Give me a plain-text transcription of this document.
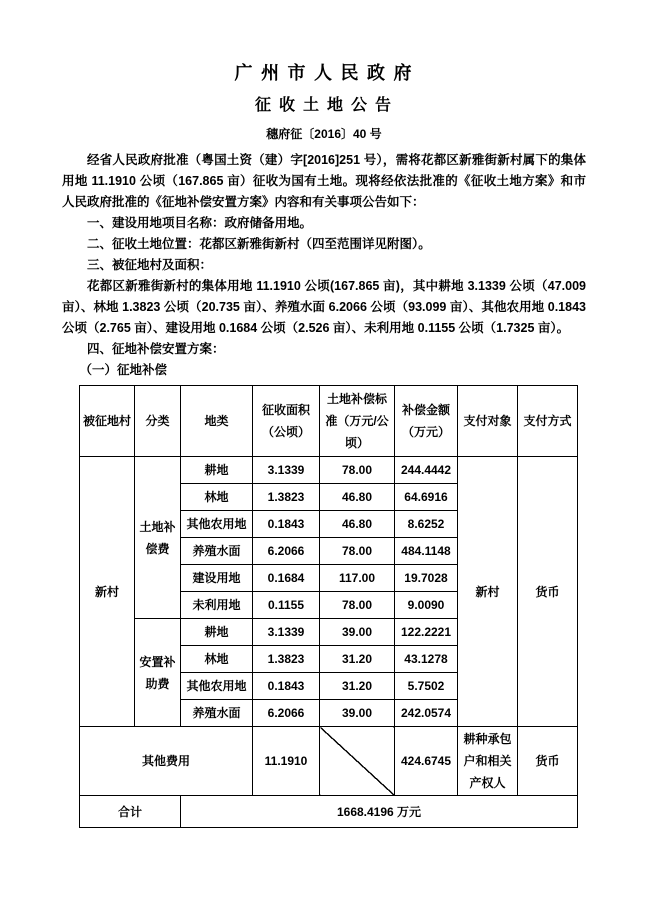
广 州 市 人 民 政 府
征 收 土 地 公 告
穗府征〔2016〕40 号

经省人民政府批准（粤国土资（建）字[2016]251 号），需将花都区新雅街新村属下的集体用地 11.1910 公顷（167.865 亩）征收为国有土地。现将经依法批准的《征收土地方案》和市人民政府批准的《征地补偿安置方案》内容和有关事项公告如下：

一、建设用地项目名称：政府储备用地。

二、征收土地位置：花都区新雅街新村（四至范围详见附图）。

三、被征地村及面积：

花都区新雅街新村的集体用地 11.1910 公顷(167.865 亩)，其中耕地 3.1339 公顷（47.009 亩）、林地 1.3823 公顷（20.735 亩）、养殖水面 6.2066 公顷（93.099 亩）、其他农用地 0.1843 公顷（2.765 亩）、建设用地 0.1684 公顷（2.526 亩）、未利用地 0.1155 公顷（1.7325 亩）。

四、征地补偿安置方案：

（一）征地补偿

被征地村	分类	地类	征收面积（公顷）	土地补偿标准（万元/公顷）	补偿金额（万元）	支付对象	支付方式
新村	土地补偿费	耕地	3.1339	78.00	244.4442	新村	货币
		林地	1.3823	46.80	64.6916		
		其他农用地	0.1843	46.80	8.6252		
		养殖水面	6.2066	78.00	484.1148		
		建设用地	0.1684	117.00	19.7028		
		未利用地	0.1155	78.00	9.0090		
	安置补助费	耕地	3.1339	39.00	122.2221		
		林地	1.3823	31.20	43.1278		
		其他农用地	0.1843	31.20	5.7502		
		养殖水面	6.2066	39.00	242.0574		
其他费用			11.1910		424.6745	耕种承包户和相关产权人	货币
合计		1668.4196 万元					
